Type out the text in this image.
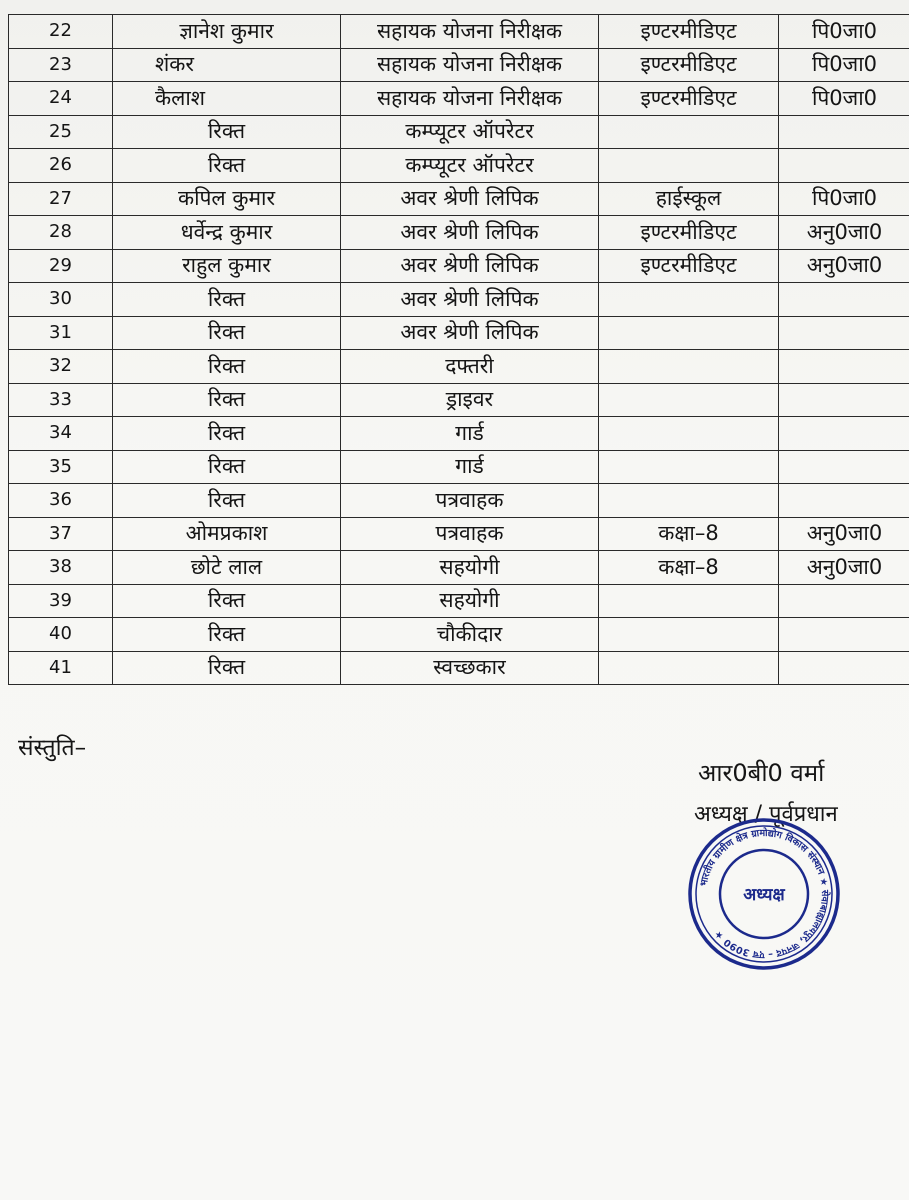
22	ज्ञानेश कुमार	सहायक योजना निरीक्षक	इण्टरमीडिएट	पि0जा0
23	शंकर	सहायक योजना निरीक्षक	इण्टरमीडिएट	पि0जा0
24	कैलाश	सहायक योजना निरीक्षक	इण्टरमीडिएट	पि0जा0
25	रिक्त	कम्प्यूटर ऑपरेटर		
26	रिक्त	कम्प्यूटर ऑपरेटर		
27	कपिल कुमार	अवर श्रेणी लिपिक	हाईस्कूल	पि0जा0
28	धर्वेन्द्र कुमार	अवर श्रेणी लिपिक	इण्टरमीडिएट	अनु0जा0
29	राहुल कुमार	अवर श्रेणी लिपिक	इण्टरमीडिएट	अनु0जा0
30	रिक्त	अवर श्रेणी लिपिक		
31	रिक्त	अवर श्रेणी लिपिक		
32	रिक्त	दफ्तरी		
33	रिक्त	ड्राइवर		
34	रिक्त	गार्ड		
35	रिक्त	गार्ड		
36	रिक्त	पत्रवाहक		
37	ओमप्रकाश	पत्रवाहक	कक्षा–8	अनु0जा0
38	छोटे लाल	सहयोगी	कक्षा–8	अनु0जा0
39	रिक्त	सहयोगी		
40	रिक्त	चौकीदार		
41	रिक्त	स्वच्छकार		
संस्तुति–
आर0बी0 वर्मा
अध्यक्ष / पूर्वप्रधान
भारतीय ग्रामीण क्षेत्र ग्रामोद्योग विकास संस्थान ★ सेवाबाह्यालयपुर, जनपद – एच 3090 ★
अध्यक्ष
